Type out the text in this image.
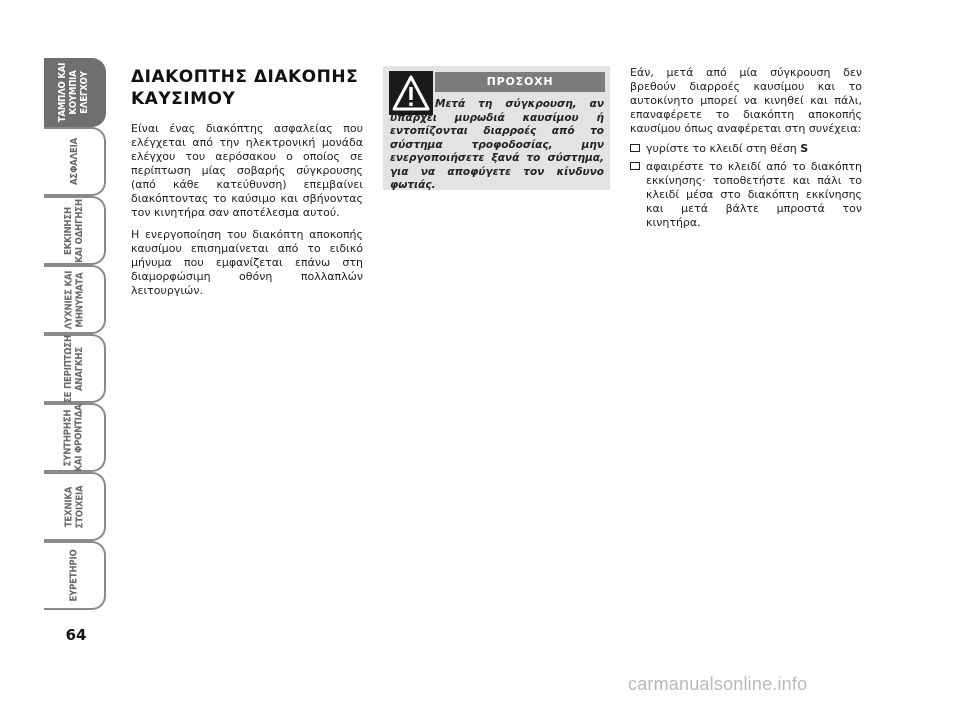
ΤΑΜΠΛΟ ΚΑΙ
ΚΟΥΜΠΙΑ
ΕΛΕΓΧΟΥ
ΑΣΦΑΛΕΙΑ
ΕΚΚΙΝΗΣΗ
ΚΑΙ ΟΔΗΓΗΣΗ
ΛΥΧΝΙΕΣ ΚΑΙ
ΜΗΝΥΜΑΤΑ
ΣΕ ΠΕΡΙΠΤΩΣΗ
ΑΝΑΓΚΗΣ
ΣΥΝΤΗΡΗΣΗ
ΚΑΙ ΦΡΟΝΤΙΔΑ
ΤΕΧΝΙΚΑ
ΣΤΟΙΧΕΙΑ
ΕΥΡΕΤΗΡΙΟ
64
ΔΙΑΚΟΠΤΗΣ ΔΙΑΚΟΠΗΣ
ΚΑΥΣΙΜΟΥ

Είναι ένας διακόπτης ασφαλείας που ελέγχεται από την ηλεκτρονική μονάδα ελέγχου του αερόσακου ο οποίος σε περίπτωση μίας σοβαρής σύγκρουσης (από κάθε κατεύθυνση) επεμβαίνει διακόπτοντας το καύσιμο και σβήνοντας τον κινητήρα σαν αποτέλεσμα αυτού.

Η ενεργοποίηση του διακόπτη αποκοπής καυσίμου επισημαίνεται από το ειδικό μήνυμα που εμφανίζεται επάνω στη διαμορφώσιμη οθόνη πολλαπλών λειτουργιών.

ΠΡΟΣΟΧΗ
Μετά τη σύγκρουση, αν υπάρχει μυρωδιά καυσίμου ή εντοπίζονται διαρροές από το σύστημα τροφοδοσίας, μην ενεργοποιήσετε ξανά το σύστημα, για να αποφύγετε τον κίνδυνο φωτιάς.

Εάν, μετά από μία σύγκρουση δεν βρεθούν διαρροές καυσίμου και το αυτοκίνητο μπορεί να κινηθεί και πάλι, επαναφέρετε το διακόπτη αποκοπής καυσίμου όπως αναφέρεται στη συνέχεια:

γυρίστε το κλειδί στη θέση S
αφαιρέστε το κλειδί από το διακόπτη εκκίνησης· τοποθετήστε και πάλι το κλειδί μέσα στο διακόπτη εκκίνησης και μετά βάλτε μπροστά τον κινητήρα.
carmanualsonline.info
